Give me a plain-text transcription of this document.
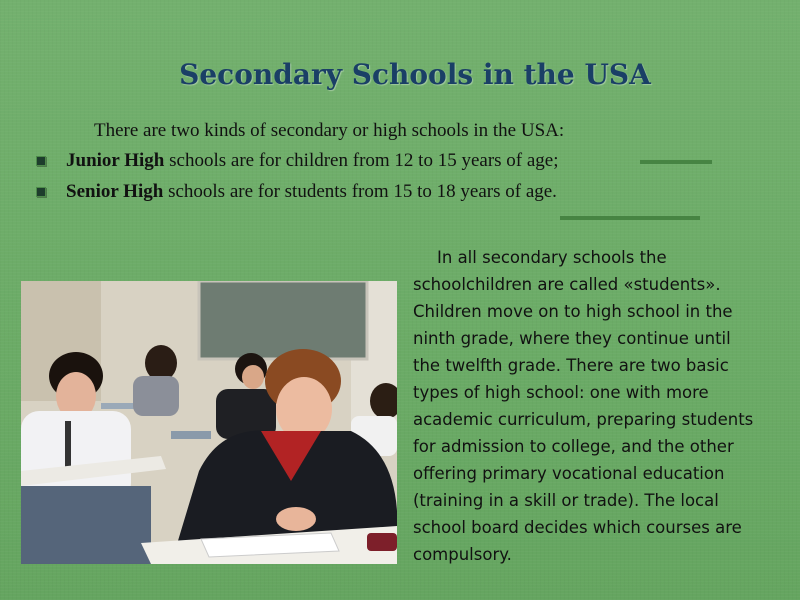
Secondary Schools in the USA
There are two kinds of secondary or high schools in the USA:
Junior High schools are for children from 12 to 15 years of age;
Senior High schools are for students from 15 to 18 years of age.
In all secondary schools the schoolchildren are called «students». Children move on to high school in the ninth grade, where they continue until the twelfth grade. There are two basic types of high school: one with more academic curriculum, preparing students for admission to college, and the other offering primary vocational education (training in a skill or trade). The local school board decides which courses are compulsory.
